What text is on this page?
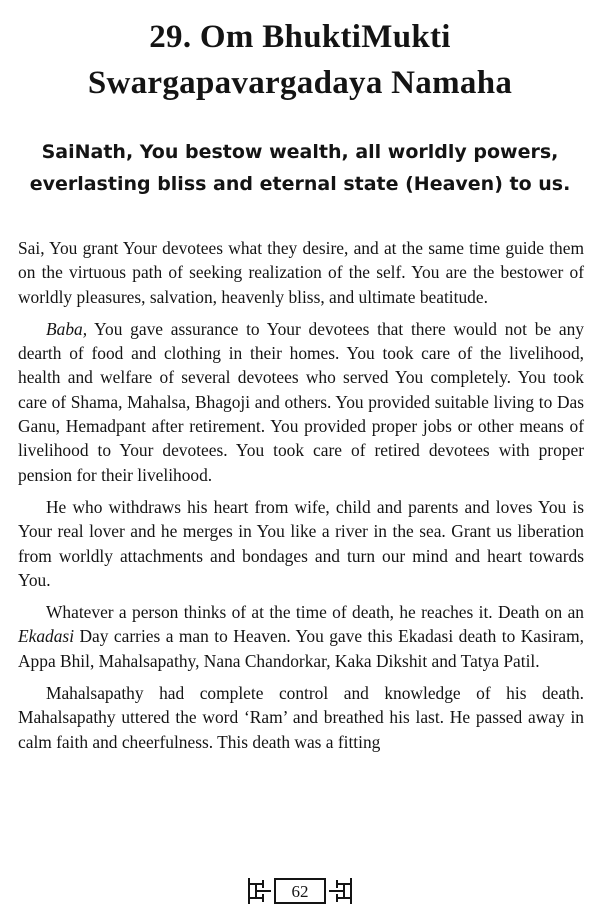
29. Om BhuktiMukti
Swargapavargadaya Namaha
SaiNath, You bestow wealth, all worldly powers,
everlasting bliss and eternal state (Heaven) to us.

Sai, You grant Your devotees what they desire, and at the same time guide them on the virtuous path of seeking realization of the self. You are the bestower of worldly pleasures, salvation, heavenly bliss, and ultimate beatitude.

Baba, You gave assurance to Your devotees that there would not be any dearth of food and clothing in their homes. You took care of the livelihood, health and welfare of several devotees who served You completely. You took care of Shama, Mahalsa, Bhagoji and others. You provided suitable living to Das Ganu, Hemadpant after retirement. You provided proper jobs or other means of livelihood to Your devotees. You took care of retired devotees with proper pension for their livelihood.

He who withdraws his heart from wife, child and parents and loves You is Your real lover and he merges in You like a river in the sea. Grant us liberation from worldly attachments and bondages and turn our mind and heart towards You.

Whatever a person thinks of at the time of death, he reaches it. Death on an Ekadasi Day carries a man to Heaven. You gave this Ekadasi death to Kasiram, Appa Bhil, Mahalsapathy, Nana Chandorkar, Kaka Dikshit and Tatya Patil.

Mahalsapathy had complete control and knowledge of his death. Mahalsapathy uttered the word ‘Ram’ and breathed his last. He passed away in calm faith and cheerfulness. This death was a fitting

62
